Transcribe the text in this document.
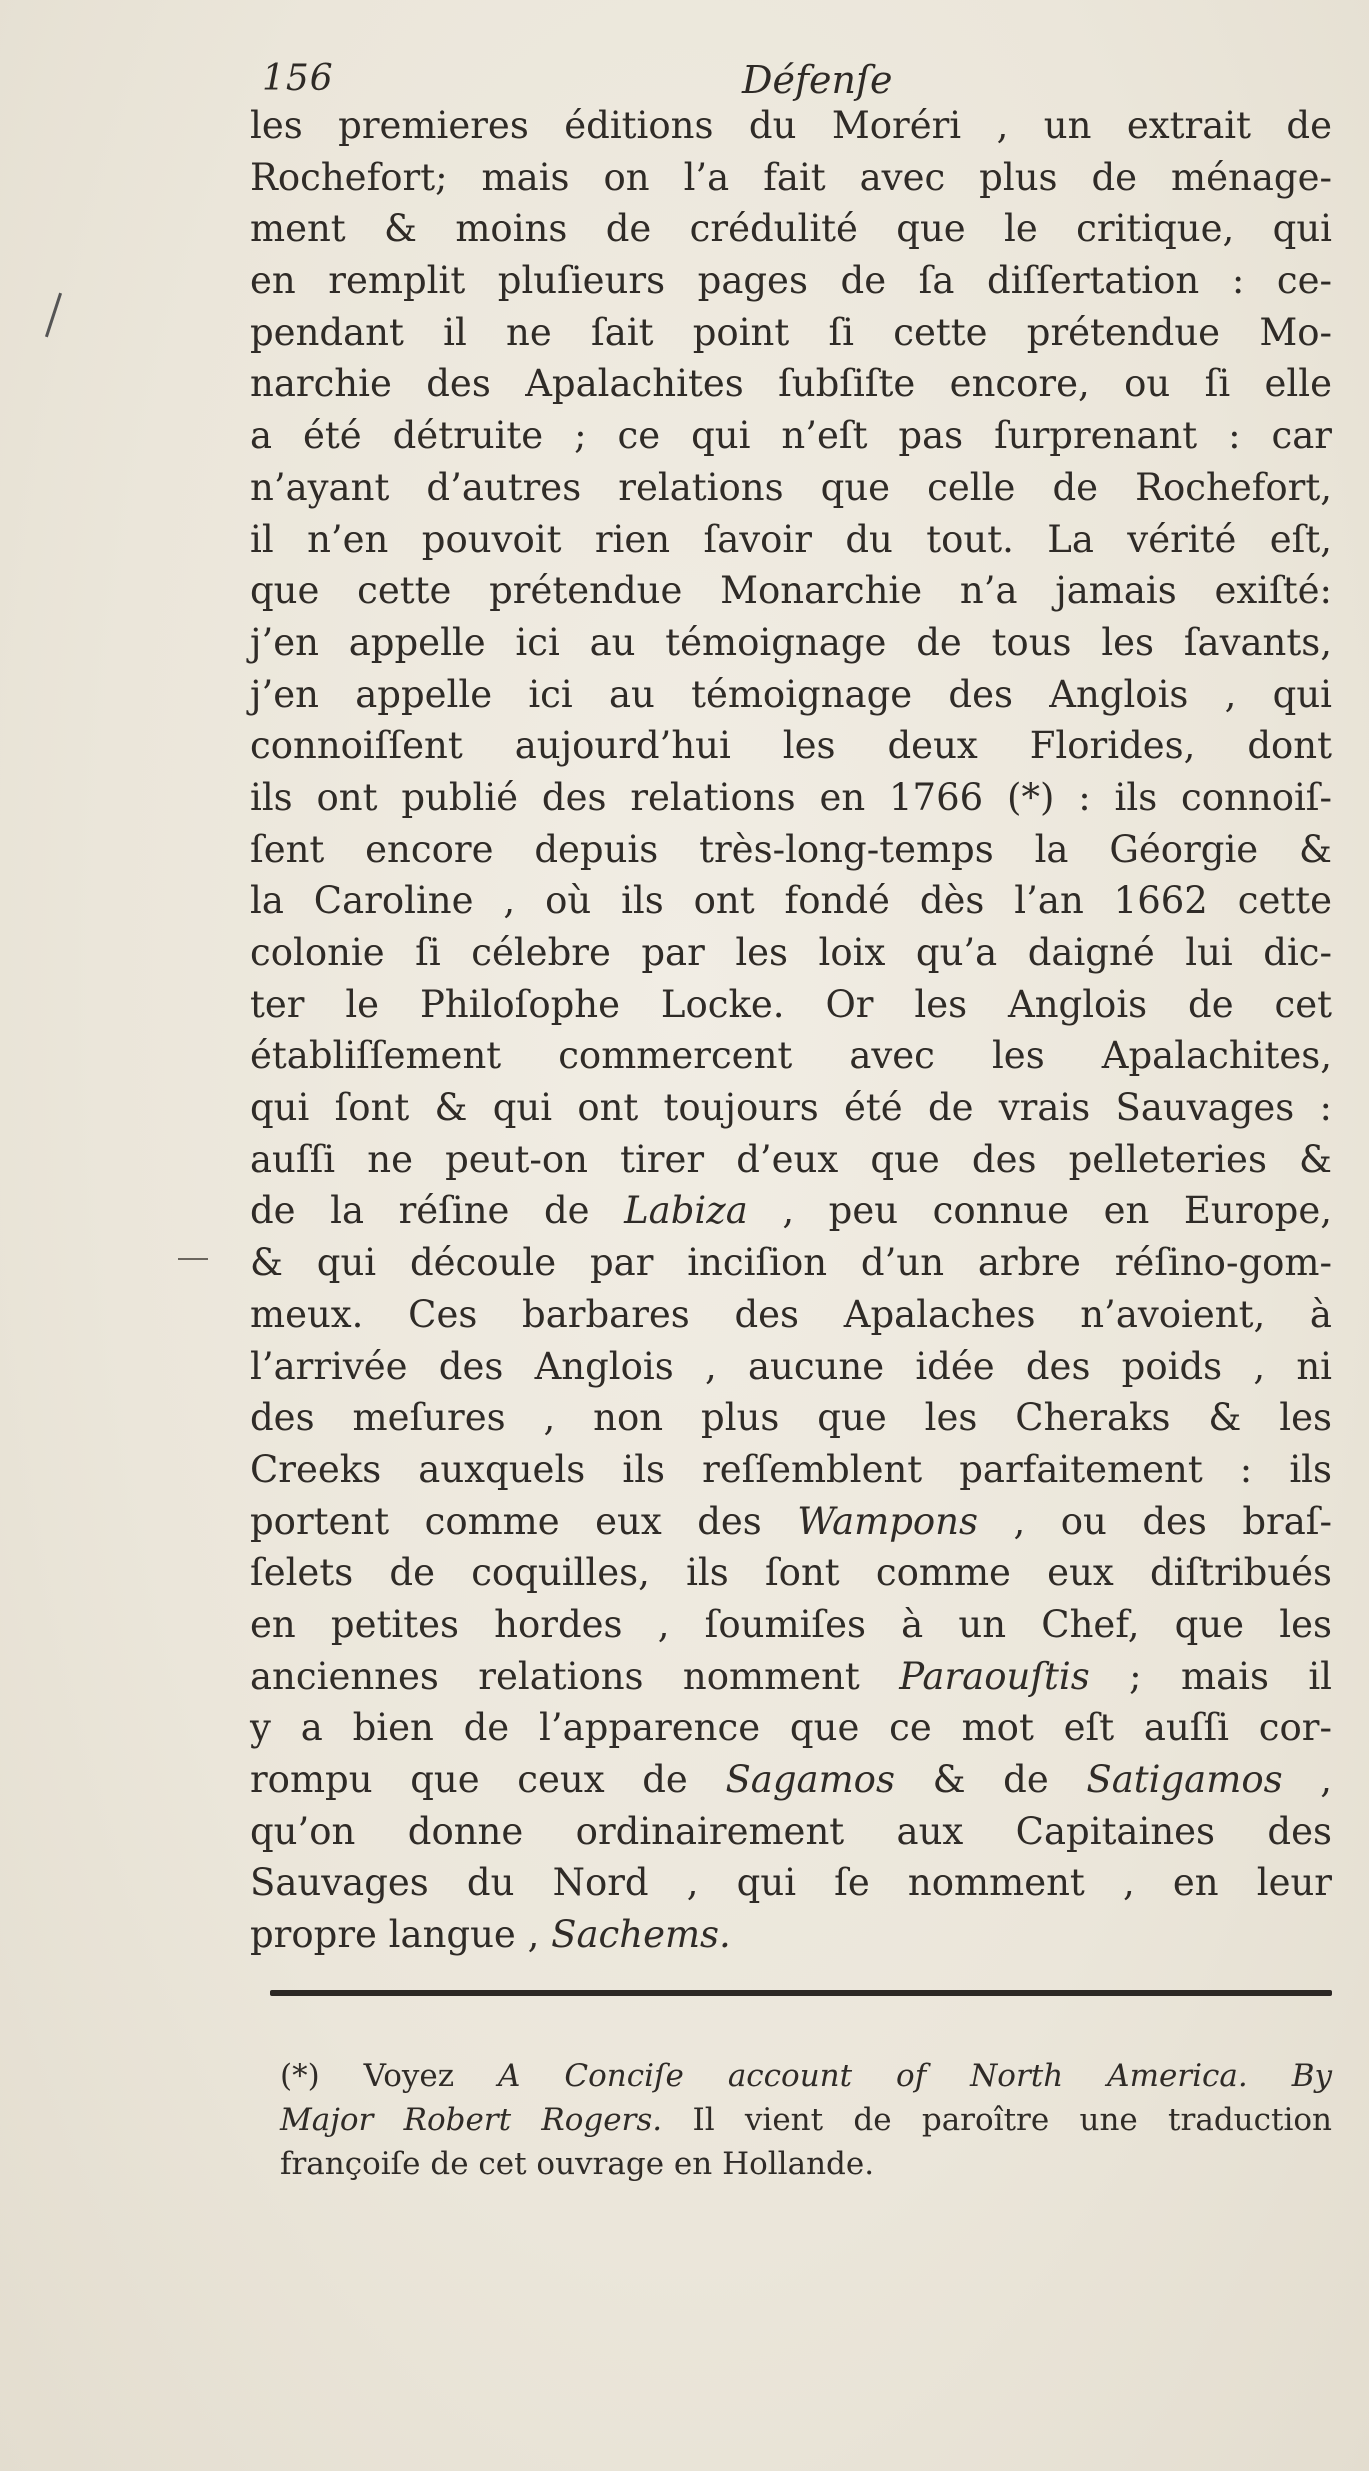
156	Défenſe
les premieres éditions du Moréri , un extrait de
Rochefort; mais on l’a fait avec plus de ménage-
ment & moins de crédulité que le critique, qui
en remplit pluſieurs pages de ſa diſſertation : ce-
pendant il ne ſait point ſi cette prétendue Mo-
narchie des Apalachites ſubſiſte encore, ou ſi elle
a été détruite ; ce qui n’eſt pas ſurprenant : car
n’ayant d’autres relations que celle de Rochefort,
il n’en pouvoit rien ſavoir du tout. La vérité eſt,
que cette prétendue Monarchie n’a jamais exiſté:
j’en appelle ici au témoignage de tous les ſavants,
j’en appelle ici au témoignage des Anglois , qui
connoiſſent aujourd’hui les deux Florides, dont
ils ont publié des relations en 1766 (*) : ils connoiſ-
ſent encore depuis très-long-temps la Géorgie &
la Caroline , où ils ont fondé dès l’an 1662 cette
colonie ſi célebre par les loix qu’a daigné lui dic-
ter le Philoſophe Locke. Or les Anglois de cet
établiſſement commercent avec les Apalachites,
qui ſont & qui ont toujours été de vrais Sauvages :
auſſi ne peut-on tirer d’eux que des pelleteries &
de la réſine de Labiza , peu connue en Europe,
& qui découle par inciſion d’un arbre réſino-gom-
meux. Ces barbares des Apalaches n’avoient, à
l’arrivée des Anglois , aucune idée des poids , ni
des meſures , non plus que les Cheraks & les
Creeks auxquels ils reſſemblent parfaitement : ils
portent comme eux des Wampons , ou des braſ-
ſelets de coquilles, ils ſont comme eux diſtribués
en petites hordes , ſoumiſes à un Chef, que les
anciennes relations nomment Paraouſtis ; mais il
y a bien de l’apparence que ce mot eſt auſſi cor-
rompu que ceux de Sagamos & de Satigamos ,
qu’on donne ordinairement aux Capitaines des
Sauvages du Nord , qui ſe nomment , en leur
propre langue , Sachems.
(*) Voyez A Conciſe account of North America. By
Major Robert Rogers. Il vient de paroître une traduction
françoiſe de cet ouvrage en Hollande.
